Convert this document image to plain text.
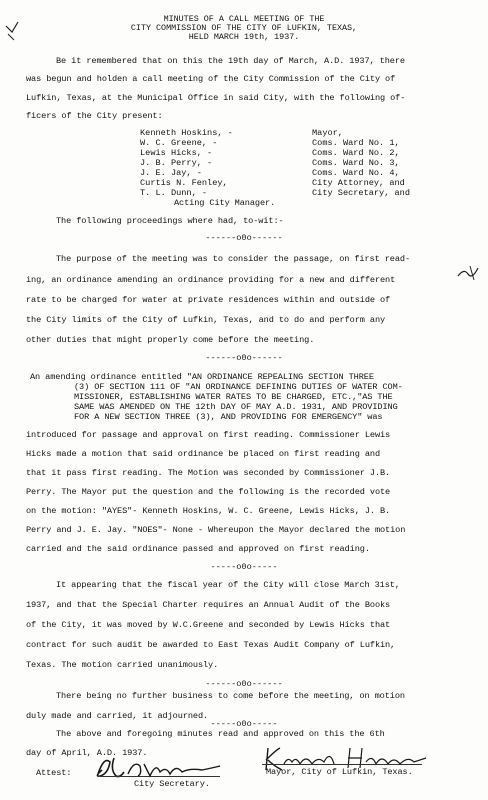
MINUTES OF A CALL MEETING OF THE
CITY COMMISSION OF THE CITY OF LUFKIN, TEXAS,
HELD MARCH 19th, 1937.
Be it remembered that on this the 19th day of March, A.D. 1937, there
was begun and holden a call meeting of the City Commission of the City of
Lufkin, Texas, at the Municipal Office in said City, with the following of-
ficers of the City present:
Kenneth Hoskins, -	Mayor,
W. C. Greene, -	Coms. Ward No. 1,
Lewis Hicks, -	Coms. Ward No. 2,
J. B. Perry, -	Coms. Ward No. 3,
J. E. Jay, -	Coms. Ward No. 4,
Curtis N. Fenley,	City Attorney, and
T. L. Dunn, -	City Secretary, and
Acting City Manager.
The following proceedings where had, to-wit:-
------o0o------
The purpose of the meeting was to consider the passage, on first read-
ing, an ordinance amending an ordinance providing for a new and different
rate to be charged for water at private residences within and outside of
the City limits of the City of Lufkin, Texas, and to do and perform any
other duties that might properly come before the meeting.
------o0o------
An amending ordinance entitled "AN ORDINANCE REPEALING SECTION THREE
(3) OF SECTION 111 OF "AN ORDINANCE DEFINING DUTIES OF WATER COM-
MISSIONER, ESTABLISHING WATER RATES TO BE CHARGED, ETC.,"AS THE
SAME WAS AMENDED ON THE 12th DAY OF MAY A.D. 1931, AND PROVIDING
FOR A NEW SECTION THREE (3), AND PROVIDING FOR EMERGENCY" was
introduced for passage and approval on first reading. Commissioner Lewis
Hicks made a motion that said ordinance be placed on first reading and
that it pass first reading. The Motion was seconded by Commissioner J.B.
Perry. The Mayor put the question and the following is the recorded vote
on the motion: "AYES"- Kenneth Hoskins, W. C. Greene, Lewis Hicks, J. B.
Perry and J. E. Jay. "NOES"- None - Whereupon the Mayor declared the motion
carried and the said ordinance passed and approved on first reading.
-----o0o-----
It appearing that the fiscal year of the City will close March 31st,
1937, and that the Special Charter requires an Annual Audit of the Books
of the City, it was moved by W.C.Greene and seconded by Lewis Hicks that
contract for such audit be awarded to East Texas Audit Company of Lufkin,
Texas. The motion carried unanimously.
------o0o------
There being no further business to come before the meeting, on motion
duly made and carried, it adjourned.
-----o0o-----
The above and foregoing minutes read and approved on this the 6th
day of April, A.D. 1937.
Attest:
City Secretary.
Mayor, City of Lufkin, Texas.
